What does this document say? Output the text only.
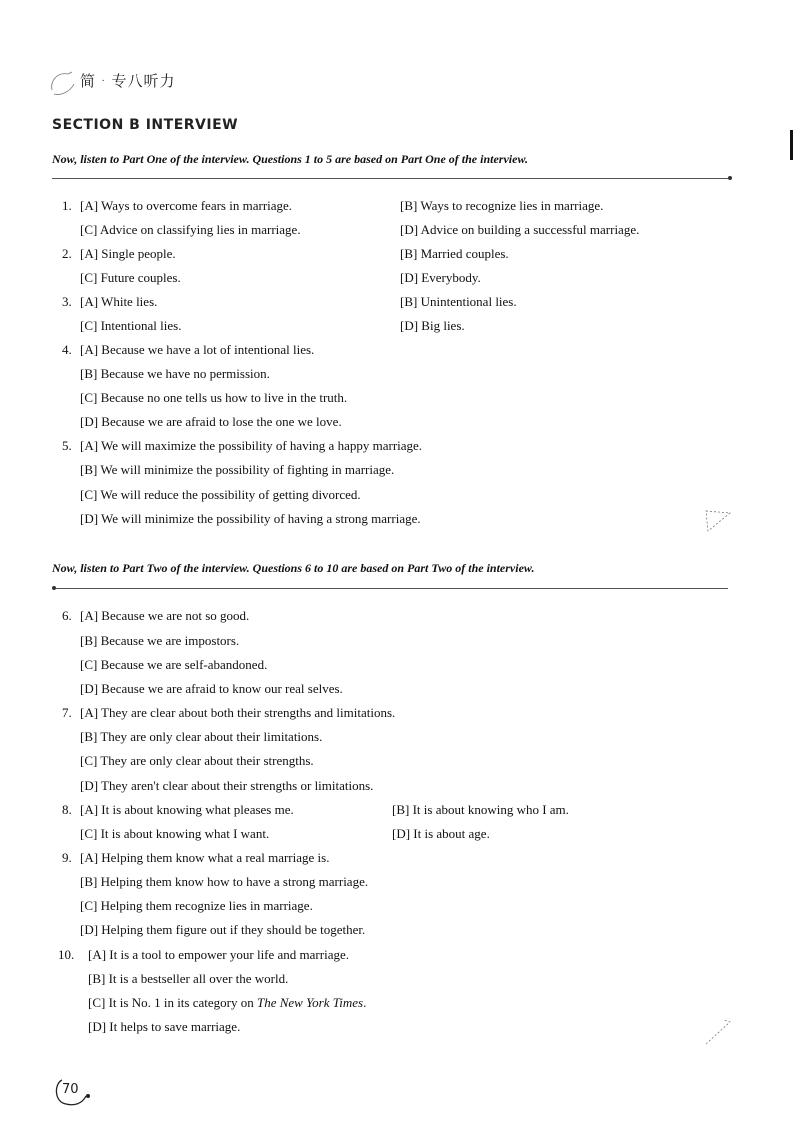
简 · 专八听力
SECTION B INTERVIEW
Now, listen to Part One of the interview. Questions 1 to 5 are based on Part One of the interview.
Now, listen to Part Two of the interview. Questions 6 to 10 are based on Part Two of the interview.
1. [A] Ways to overcome fears in marriage.	[B] Ways to recognize lies in marriage.
[C] Advice on classifying lies in marriage.	[D] Advice on building a successful marriage.
2. [A] Single people.	[B] Married couples.
[C] Future couples.	[D] Everybody.
3. [A] White lies.	[B] Unintentional lies.
[C] Intentional lies.	[D] Big lies.
4. [A] Because we have a lot of intentional lies.
[B] Because we have no permission.
[C] Because no one tells us how to live in the truth.
[D] Because we are afraid to lose the one we love.
5. [A] We will maximize the possibility of having a happy marriage.
[B] We will minimize the possibility of fighting in marriage.
[C] We will reduce the possibility of getting divorced.
[D] We will minimize the possibility of having a strong marriage.
6. [A] Because we are not so good.
[B] Because we are impostors.
[C] Because we are self-abandoned.
[D] Because we are afraid to know our real selves.
7. [A] They are clear about both their strengths and limitations.
[B] They are only clear about their limitations.
[C] They are only clear about their strengths.
[D] They aren't clear about their strengths or limitations.
8. [A] It is about knowing what pleases me.	[B] It is about knowing who I am.
[C] It is about knowing what I want.	[D] It is about age.
9. [A] Helping them know what a real marriage is.
[B] Helping them know how to have a strong marriage.
[C] Helping them recognize lies in marriage.
[D] Helping them figure out if they should be together.
10. [A] It is a tool to empower your life and marriage.
[B] It is a bestseller all over the world.
[C] It is No. 1 in its category on The New York Times.
[D] It helps to save marriage.
70
